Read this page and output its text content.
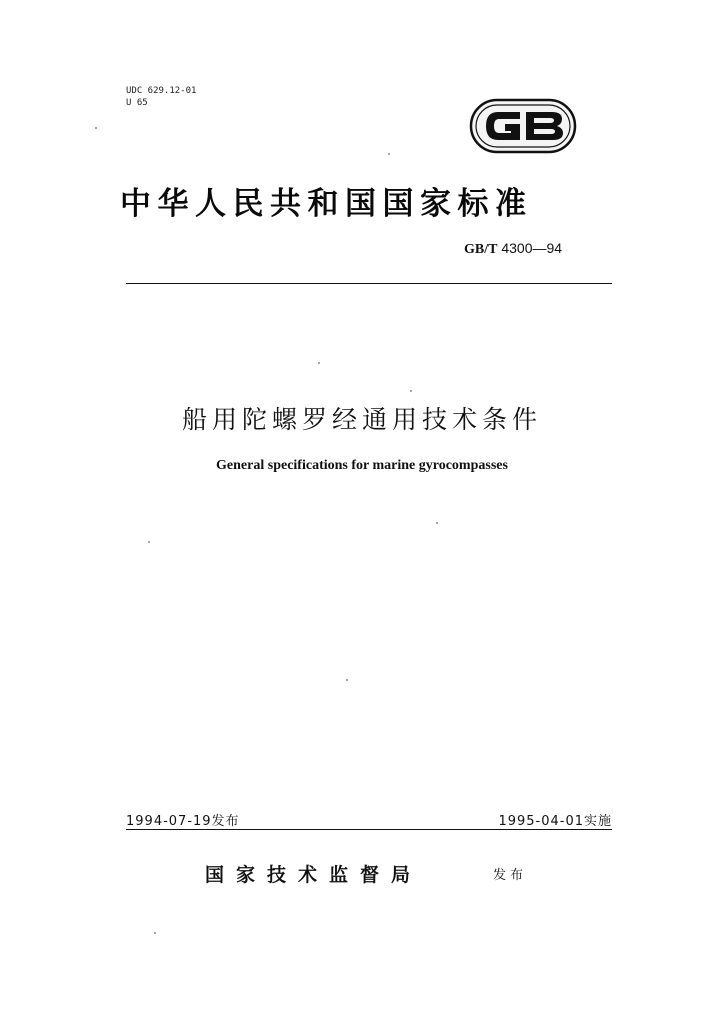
UDC 629.12-01
U 65
中华人民共和国国家标准
GB/T 4300—94
船用陀螺罗经通用技术条件
General specifications for marine gyrocompasses
1994-07-19发布	1995-04-01实施
国家技术监督局	发布
